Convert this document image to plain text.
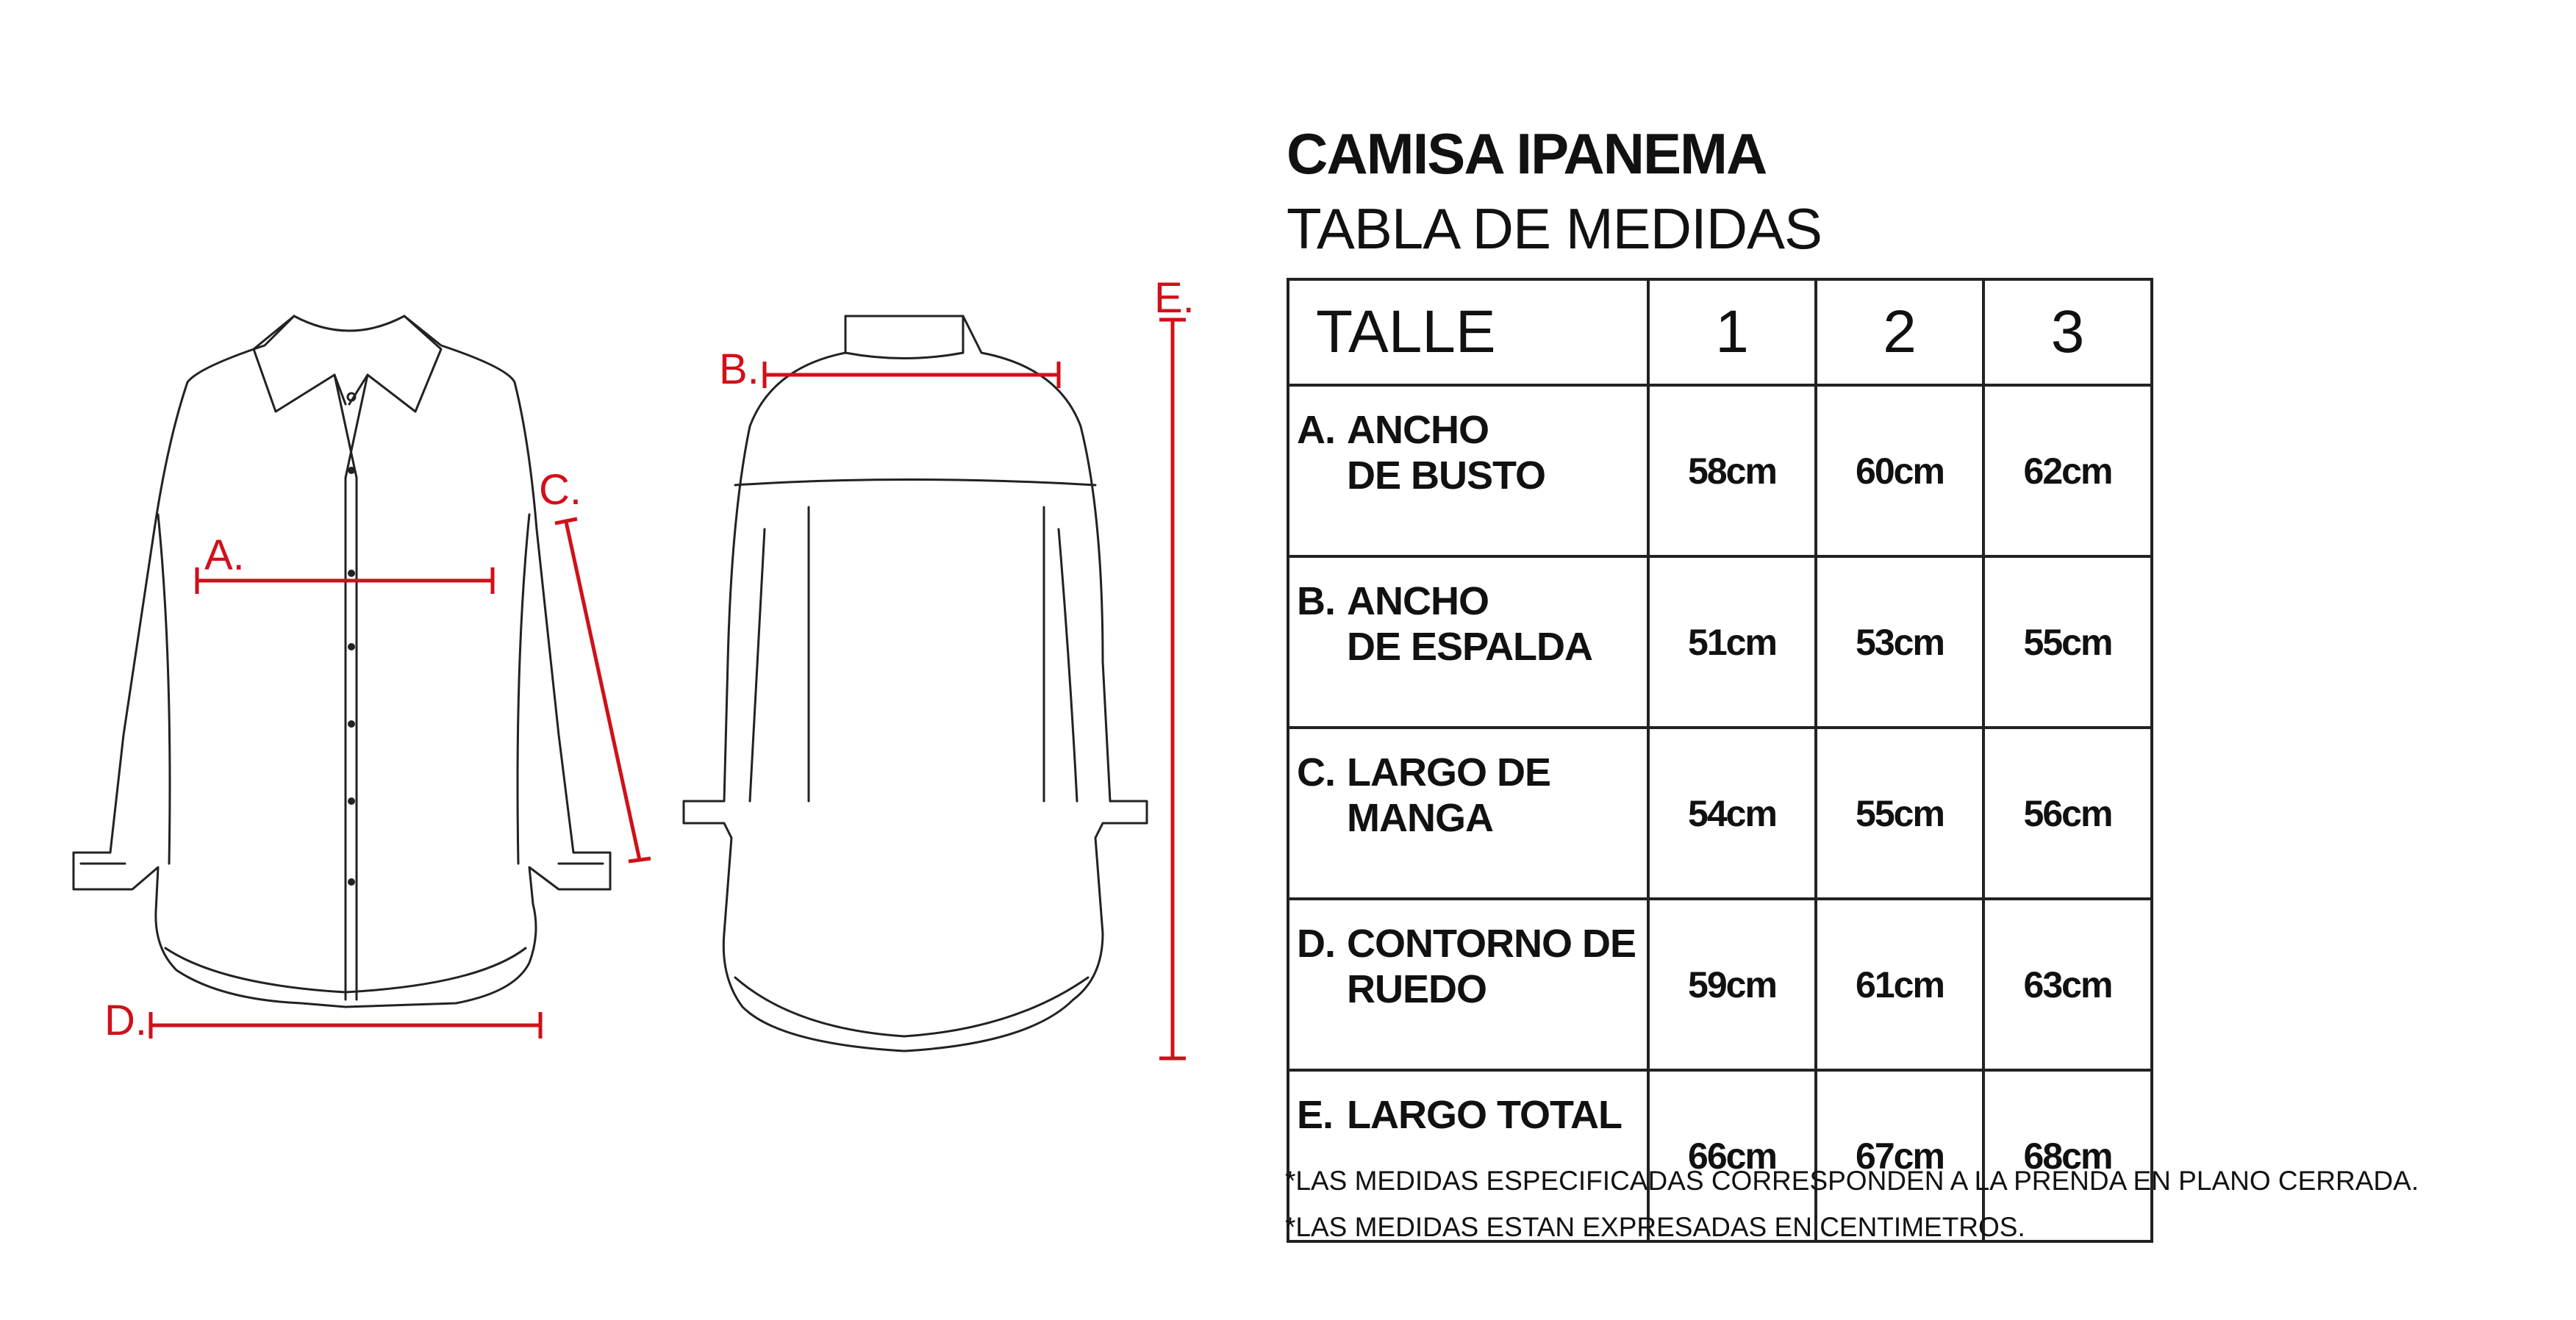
A.
B.
C.
D.
E.
CAMISA IPANEMA
TABLA DE MEDIDAS
TALLE	1	2	3

A. ANCHO
DE BUSTO	58cm	60cm	62cm

B. ANCHO
DE ESPALDA	51cm	53cm	55cm

C. LARGO DE
MANGA	54cm	55cm	56cm

D. CONTORNO DE
RUEDO	59cm	61cm	63cm

E. LARGO TOTAL	66cm	67cm	68cm
*LAS MEDIDAS ESPECIFICADAS CORRESPONDEN A LA PRENDA EN PLANO CERRADA.
*LAS MEDIDAS ESTAN EXPRESADAS EN CENTIMETROS.
